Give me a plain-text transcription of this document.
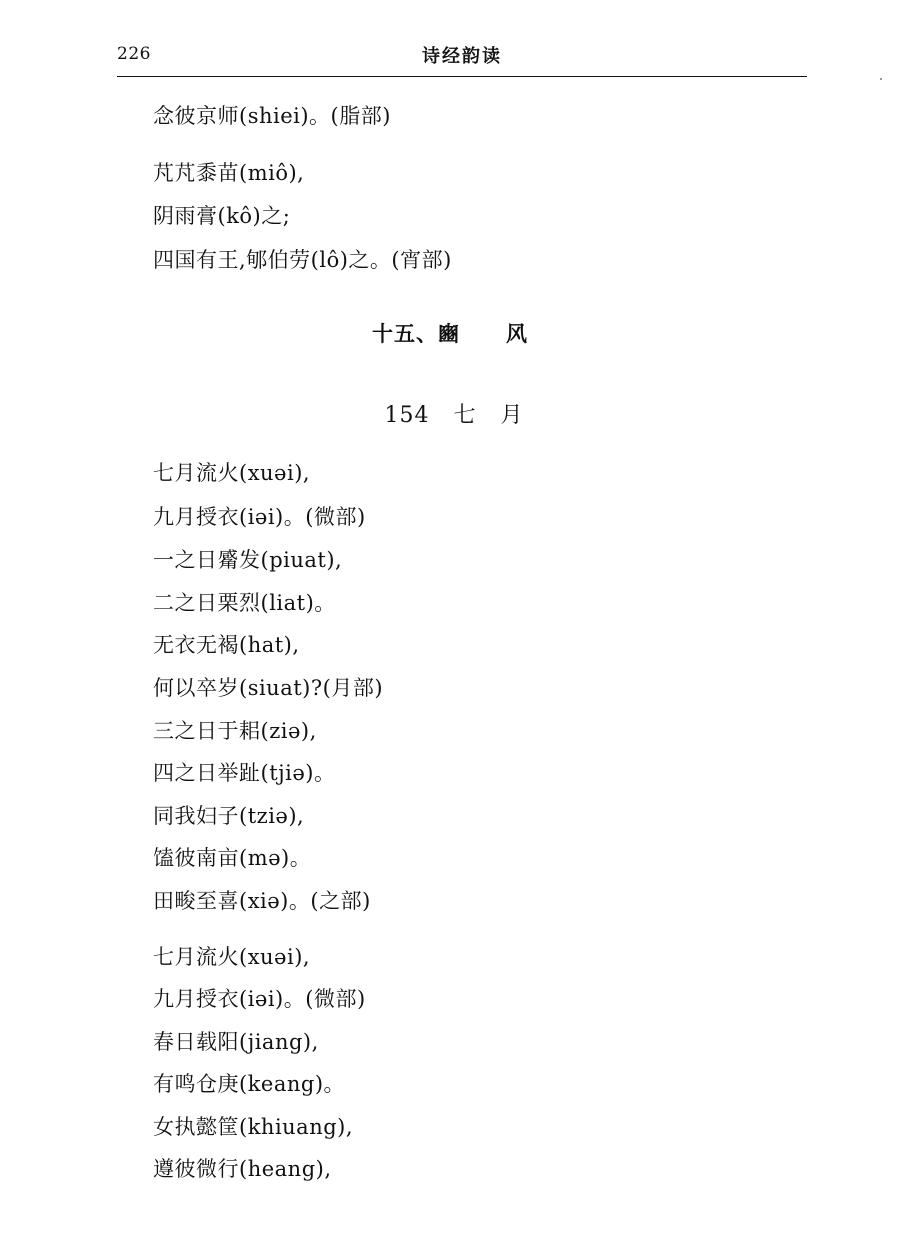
226	诗经韵读
念彼京师(shiei)。(脂部)
芃芃黍苗(miô),
阴雨膏(kô)之;
四国有王,郇伯劳(lô)之。(宵部)
十五、豳 风
154 七 月
七月流火(xuəi),
九月授衣(iəi)。(微部)
一之日觱发(piuat),
二之日栗烈(liat)。
无衣无褐(hat),
何以卒岁(siuat)?(月部)
三之日于耜(ziə),
四之日举趾(tjiə)。
同我妇子(tziə),
馌彼南亩(mə)。
田畯至喜(xiə)。(之部)
七月流火(xuəi),
九月授衣(iəi)。(微部)
春日载阳(jiang),
有鸣仓庚(keang)。
女执懿筐(khiuang),
遵彼微行(heang),
